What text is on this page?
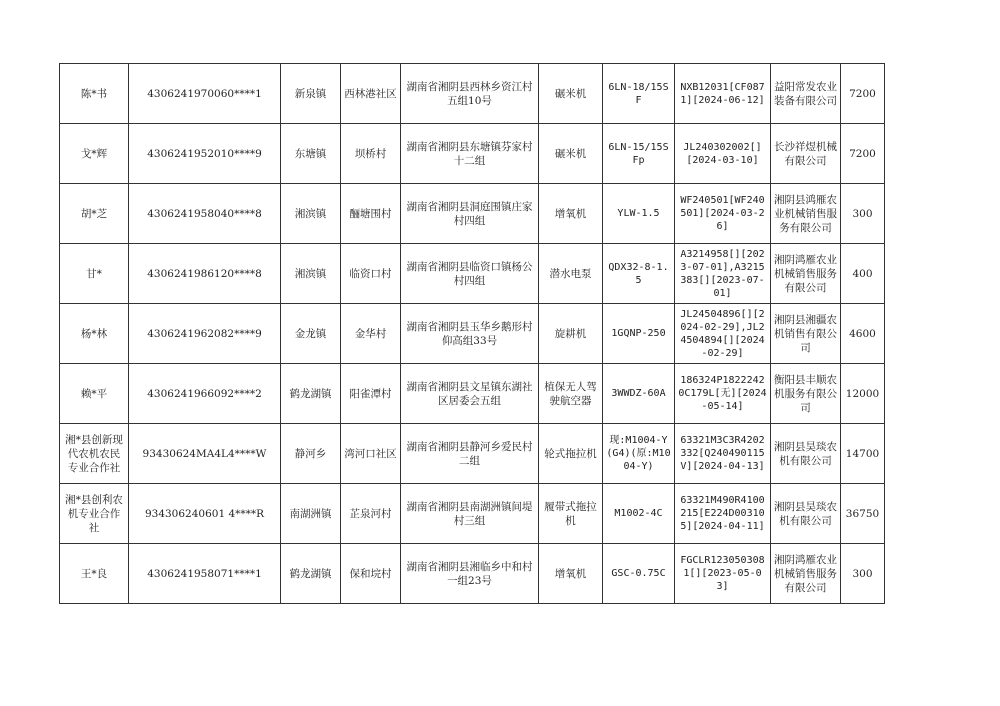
陈*书	4306241970060****1	新泉镇	西林港社区	湖南省湘阴县西林乡资江村五组10号	碾米机	6LN-18/15SF	NXB12031[CF0871][2024-06-12]	益阳常发农业装备有限公司	7200
戈*辉	4306241952010****9	东塘镇	坝桥村	湖南省湘阴县东塘镇芬家村十二组	碾米机	6LN-15/15SFp	JL240302002[][2024-03-10]	长沙祥煜机械有限公司	7200
胡*芝	4306241958040****8	湘滨镇	酾塘围村	湖南省湘阴县洞庭围镇庄家村四组	增氧机	YLW-1.5	WF240501[WF240501][2024-03-26]	湘阴县鸿雁农业机械销售服务有限公司	300
甘*	4306241986120****8	湘滨镇	临资口村	湖南省湘阴县临资口镇杨公村四组	潜水电泵	QDX32-8-1.5	A3214958[][2023-07-01],A3215383[][2023-07-01]	湘阴鸿雁农业机械销售服务有限公司	400
杨*林	4306241962082****9	金龙镇	金华村	湖南省湘阴县玉华乡鹅形村仰高组33号	旋耕机	1GQNP-250	JL24504896[][2024-02-29],JL24504894[][2024-02-29]	湘阴县湘疆农机销售有限公司	4600
赖*平	4306241966092****2	鹤龙湖镇	阳雀潭村	湖南省湘阴县文星镇东湖社区居委会五组	植保无人驾驶航空器	3WWDZ-60A	186324P18222420C179L[无][2024-05-14]	衡阳县丰顺农机服务有限公司	12000
湘*县创新现代农机农民专业合作社	93430624MA4L4****W	静河乡	湾河口社区	湖南省湘阴县静河乡爱民村二组	轮式拖拉机	现:M1004-Y(G4)(原:M1004-Y)	63321M3C3R4202332[Q240490115V][2024-04-13]	湘阴县昊琰农机有限公司	14700
湘*县创利农机专业合作社	934306240601 4****R	南湖洲镇	芷泉河村	湖南省湘阴县南湖洲镇间堤村三组	履带式拖拉机	M1002-4C	63321M490R4100215[E224D00310 5][2024-04-11]	湘阴县昊琰农机有限公司	36750
王*良	4306241958071****1	鹤龙湖镇	保和垸村	湖南省湘阴县湘临乡中和村一组23号	增氧机	GSC-0.75C	FGCLR123050308 1[][2023-05-03]	湘阴鸿雁农业机械销售服务有限公司	300
